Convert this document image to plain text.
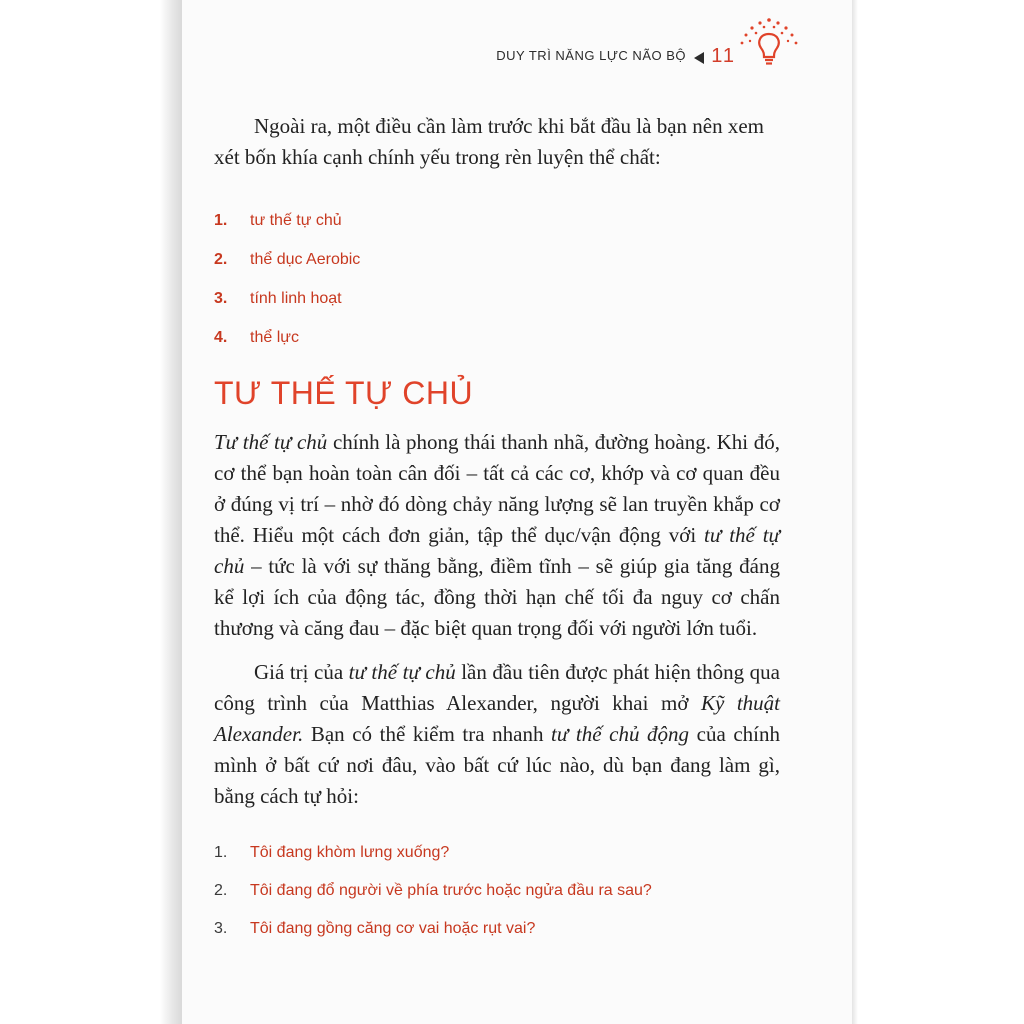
DUY TRÌ NĂNG LỰC NÃO BỘ 11
Ngoài ra, một điều cần làm trước khi bắt đầu là bạn nên xem xét bốn khía cạnh chính yếu trong rèn luyện thể chất:
1.	tư thế tự chủ
2.	thể dục Aerobic
3.	tính linh hoạt
4.	thể lực
TƯ THẾ TỰ CHỦ
Tư thế tự chủ chính là phong thái thanh nhã, đường hoàng. Khi đó, cơ thể bạn hoàn toàn cân đối – tất cả các cơ, khớp và cơ quan đều ở đúng vị trí – nhờ đó dòng chảy năng lượng sẽ lan truyền khắp cơ thể. Hiểu một cách đơn giản, tập thể dục/vận động với tư thế tự chủ – tức là với sự thăng bằng, điềm tĩnh – sẽ giúp gia tăng đáng kể lợi ích của động tác, đồng thời hạn chế tối đa nguy cơ chấn thương và căng đau – đặc biệt quan trọng đối với người lớn tuổi.
Giá trị của tư thế tự chủ lần đầu tiên được phát hiện thông qua công trình của Matthias Alexander, người khai mở Kỹ thuật Alexander. Bạn có thể kiểm tra nhanh tư thế chủ động của chính mình ở bất cứ nơi đâu, vào bất cứ lúc nào, dù bạn đang làm gì, bằng cách tự hỏi:
1.	Tôi đang khòm lưng xuống?
2.	Tôi đang đổ người về phía trước hoặc ngửa đầu ra sau?
3.	Tôi đang gồng căng cơ vai hoặc rụt vai?
